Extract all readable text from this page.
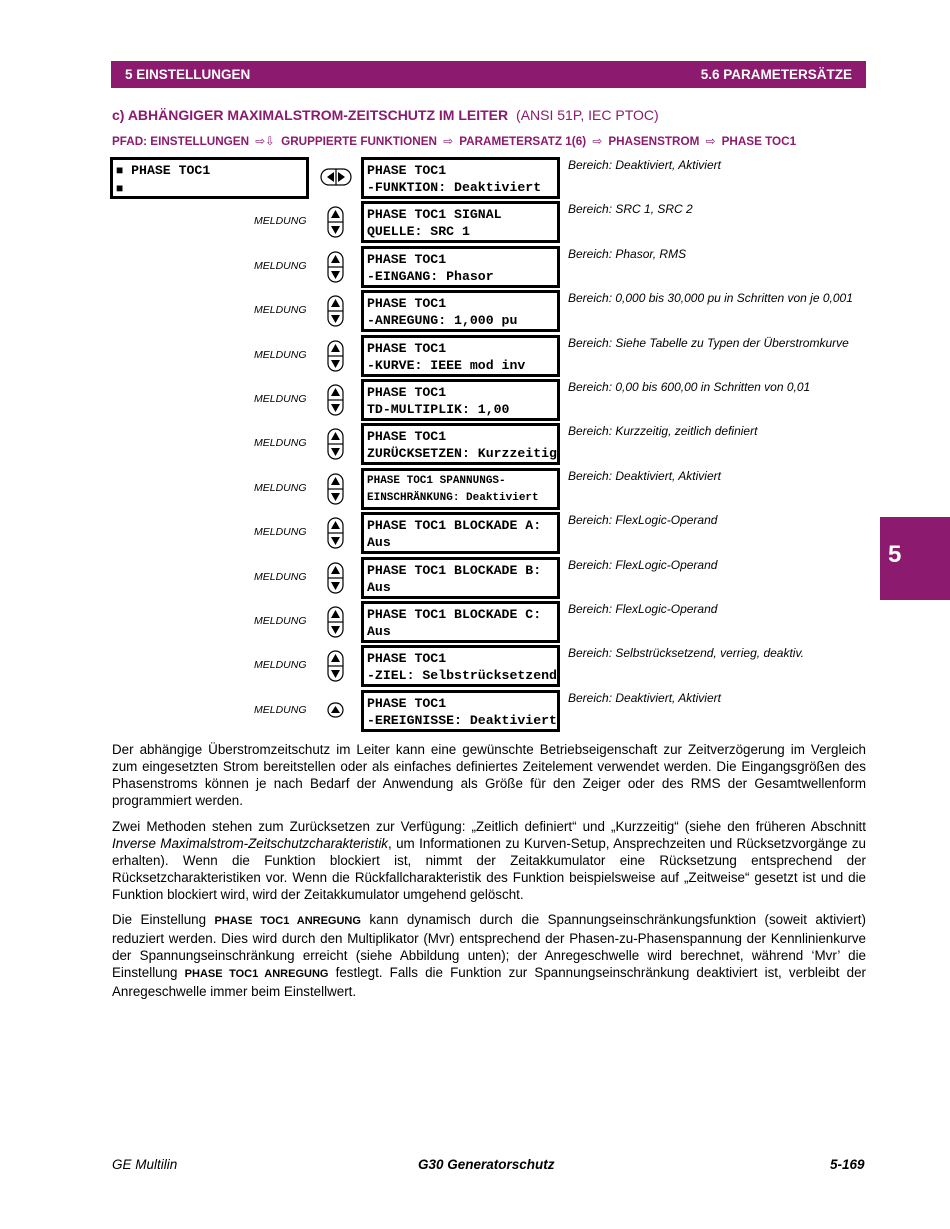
5 EINSTELLUNGEN	5.6 PARAMETERSÄTZE
5
c) ABHÄNGIGER MAXIMALSTROM-ZEITSCHUTZ IM LEITER (ANSI 51P, IEC PTOC)
PFAD: EINSTELLUNGEN ⇨⇩ GRUPPIERTE FUNKTIONEN ⇨ PARAMETERSATZ 1(6) ⇨ PHASENSTROM ⇨ PHASE TOC1
■ PHASE TOC1
■
PHASE TOC1
-FUNKTION: Deaktiviert
Bereich: Deaktiviert, Aktiviert
PHASE TOC1 SIGNAL
QUELLE: SRC 1
Bereich: SRC 1, SRC 2
MELDUNG
PHASE TOC1
-EINGANG: Phasor
Bereich: Phasor, RMS
MELDUNG
PHASE TOC1
-ANREGUNG: 1,000 pu
Bereich: 0,000 bis 30,000 pu in Schritten von je 0,001
MELDUNG
PHASE TOC1
-KURVE: IEEE mod inv
Bereich: Siehe Tabelle zu Typen der Überstromkurve
MELDUNG
PHASE TOC1
TD-MULTIPLIK: 1,00
Bereich: 0,00 bis 600,00 in Schritten von 0,01
MELDUNG
PHASE TOC1
ZURÜCKSETZEN: Kurzzeitig
Bereich: Kurzzeitig, zeitlich definiert
MELDUNG
PHASE TOC1 SPANNUNGS-
EINSCHRÄNKUNG: Deaktiviert
Bereich: Deaktiviert, Aktiviert
MELDUNG
PHASE TOC1 BLOCKADE A:
Aus
Bereich: FlexLogic-Operand
MELDUNG
PHASE TOC1 BLOCKADE B:
Aus
Bereich: FlexLogic-Operand
MELDUNG
PHASE TOC1 BLOCKADE C:
Aus
Bereich: FlexLogic-Operand
MELDUNG
PHASE TOC1
-ZIEL: Selbstrücksetzend
Bereich: Selbstrücksetzend, verrieg, deaktiv.
MELDUNG
PHASE TOC1
-EREIGNISSE: Deaktiviert
Bereich: Deaktiviert, Aktiviert
MELDUNG
Der abhängige Überstromzeitschutz im Leiter kann eine gewünschte Betriebseigenschaft zur Zeitverzögerung im Vergleich zum eingesetzten Strom bereitstellen oder als einfaches definiertes Zeitelement verwendet werden. Die Eingangsgrößen des Phasenstroms können je nach Bedarf der Anwendung als Größe für den Zeiger oder des RMS der Gesamtwellenform programmiert werden.
Zwei Methoden stehen zum Zurücksetzen zur Verfügung: „Zeitlich definiert“ und „Kurzzeitig“ (siehe den früheren Abschnitt Inverse Maximalstrom-Zeitschutzcharakteristik, um Informationen zu Kurven-Setup, Ansprechzeiten und Rücksetzvorgänge zu erhalten). Wenn die Funktion blockiert ist, nimmt der Zeitakkumulator eine Rücksetzung entsprechend der Rücksetzcharakteristiken vor. Wenn die Rückfallcharakteristik des Funktion beispielsweise auf „Zeitweise“ gesetzt ist und die Funktion blockiert wird, wird der Zeitakkumulator umgehend gelöscht.
Die Einstellung PHASE TOC1 ANREGUNG kann dynamisch durch die Spannungseinschränkungsfunktion (soweit aktiviert) reduziert werden. Dies wird durch den Multiplikator (Mvr) entsprechend der Phasen-zu-Phasenspannung der Kennlinienkurve der Spannungseinschränkung erreicht (siehe Abbildung unten); der Anregeschwelle wird berechnet, während ‘Mvr’ die Einstellung PHASE TOC1 ANREGUNG festlegt. Falls die Funktion zur Spannungseinschränkung deaktiviert ist, verbleibt der Anregeschwelle immer beim Einstellwert.
GE Multilin	G30 Generatorschutz	5-169
